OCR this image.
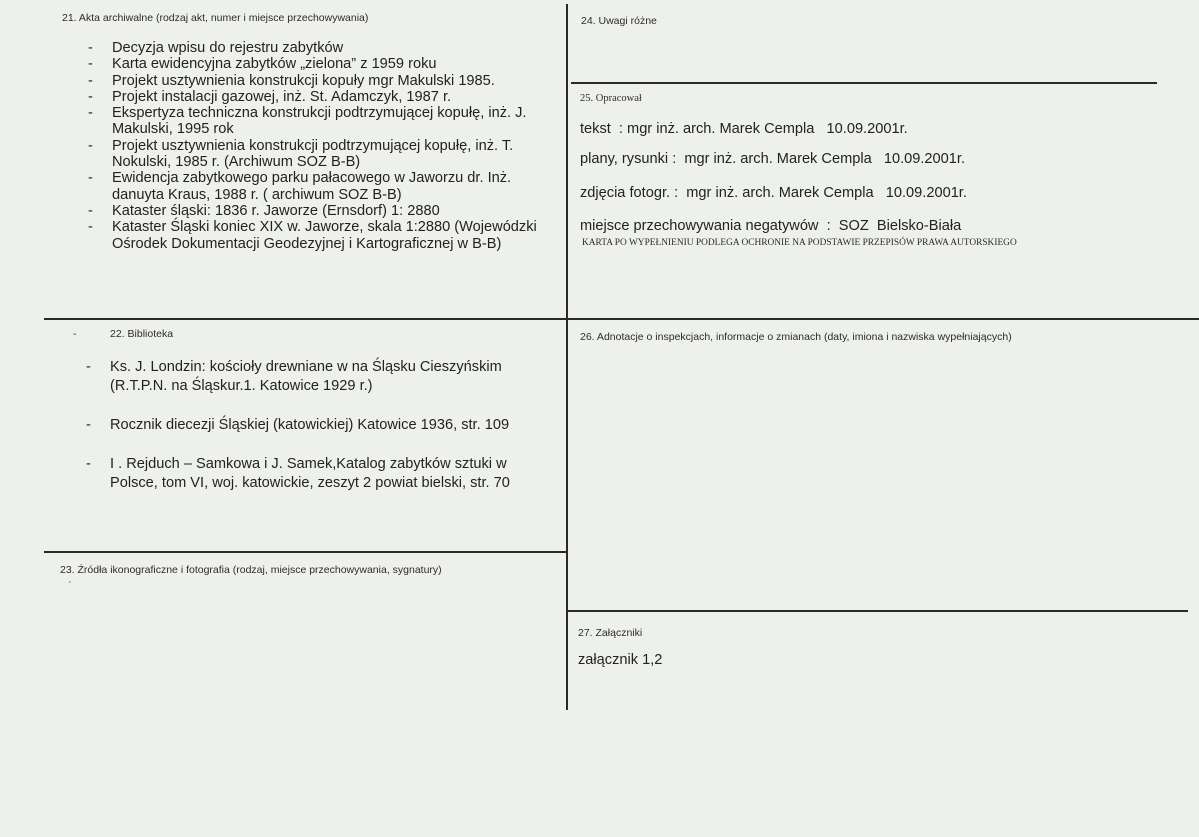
21. Akta archiwalne (rodzaj akt, numer i miejsce przechowywania)
- Decyzja wpisu do rejestru zabytków
- Karta ewidencyjna zabytków „zielona” z 1959 roku
- Projekt usztywnienia konstrukcji kopuły mgr Makulski 1985.
- Projekt instalacji gazowej, inż. St. Adamczyk, 1987 r.
- Ekspertyza techniczna konstrukcji podtrzymującej kopułę, inż. J. Makulski, 1995 rok
- Projekt usztywnienia konstrukcji podtrzymującej kopułę, inż. T. Nokulski, 1985 r. (Archiwum SOZ B-B)
- Ewidencja zabytkowego parku pałacowego w Jaworzu dr. Inż. danuyta Kraus, 1988 r. ( archiwum SOZ B-B)
- Kataster śląski: 1836 r. Jaworze (Ernsdorf) 1: 2880
- Kataster Śląski koniec XIX w. Jaworze, skala 1:2880 (Wojewódzki Ośrodek Dokumentacji Geodezyjnej i Kartograficznej w B-B)
-	22. Biblioteka
- Ks. J. Londzin: kościoły drewniane w na Śląsku Cieszyńskim (R.T.P.N. na Śląskur.1. Katowice 1929 r.)
- Rocznik diecezji Śląskiej (katowickiej) Katowice 1936, str. 109
- I . Rejduch – Samkowa i J. Samek,Katalog zabytków sztuki w Polsce, tom VI, woj. katowickie, zeszyt 2 powiat bielski, str. 70
23. Źródła ikonograficzne i fotografia (rodzaj, miejsce przechowywania, sygnatury)
·
24. Uwagi różne
25. Opracował
tekst  : mgr inż. arch. Marek Cempla   10.09.2001r.
plany, rysunki :  mgr inż. arch. Marek Cempla   10.09.2001r.
zdjęcia fotogr. :  mgr inż. arch. Marek Cempla   10.09.2001r.
miejsce przechowywania negatywów  :  SOZ  Bielsko-Biała
KARTA PO WYPEŁNIENIU PODLEGA OCHRONIE NA PODSTAWIE PRZEPISÓW PRAWA AUTORSKIEGO
26. Adnotacje o inspekcjach, informacje o zmianach (daty, imiona i nazwiska wypełniających)
27. Załączniki
załącznik 1,2
